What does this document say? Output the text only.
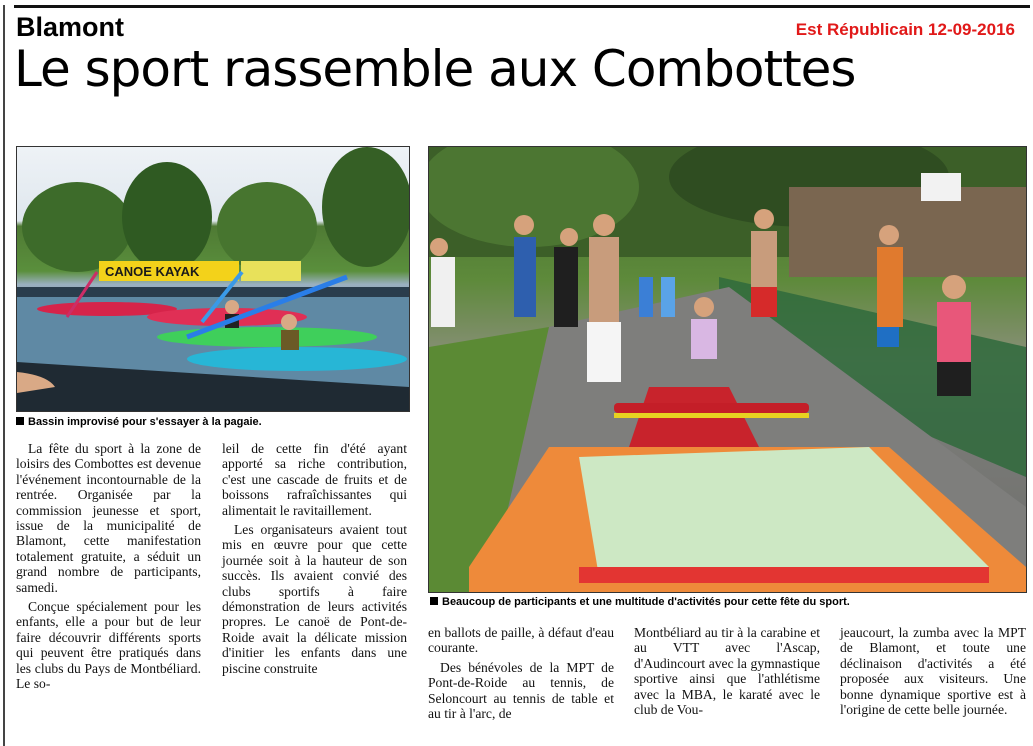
Blamont	Est Républicain 12-09-2016
Le sport rassemble aux Combottes
CANOE KAYAK
Bassin improvisé pour s'essayer à la pagaie.
Beaucoup de participants et une multitude d'activités pour cette fête du sport.

La fête du sport à la zone de loisirs des Combottes est devenue l'événement incontournable de la rentrée. Organisée par la commission jeunesse et sport, issue de la municipalité de Blamont, cette manifestation totalement gratuite, a séduit un grand nombre de participants, samedi.

Conçue spécialement pour les enfants, elle a pour but de leur faire découvrir différents sports qui peuvent être pratiqués dans les clubs du Pays de Montbéliard. Le so-

leil de cette fin d'été ayant apporté sa riche contribution, c'est une cascade de fruits et de boissons rafraîchissantes qui alimentait le ravitaillement.

Les organisateurs avaient tout mis en œuvre pour que cette journée soit à la hauteur de son succès. Ils avaient convié des clubs sportifs à faire démonstration de leurs activités propres. Le canoë de Pont-de-Roide avait la délicate mission d'initier les enfants dans une piscine construite

en ballots de paille, à défaut d'eau courante.

Des bénévoles de la MPT de Pont-de-Roide au tennis, de Seloncourt au tennis de table et au tir à l'arc, de

Montbéliard au tir à la carabine et au VTT avec l'Ascap, d'Audincourt avec la gymnastique sportive ainsi que l'athlétisme avec la MBA, le karaté avec le club de Vou-

jeaucourt, la zumba avec la MPT de Blamont, et toute une déclinaison d'activités a été proposée aux visiteurs. Une bonne dynamique sportive est à l'origine de cette belle journée.
